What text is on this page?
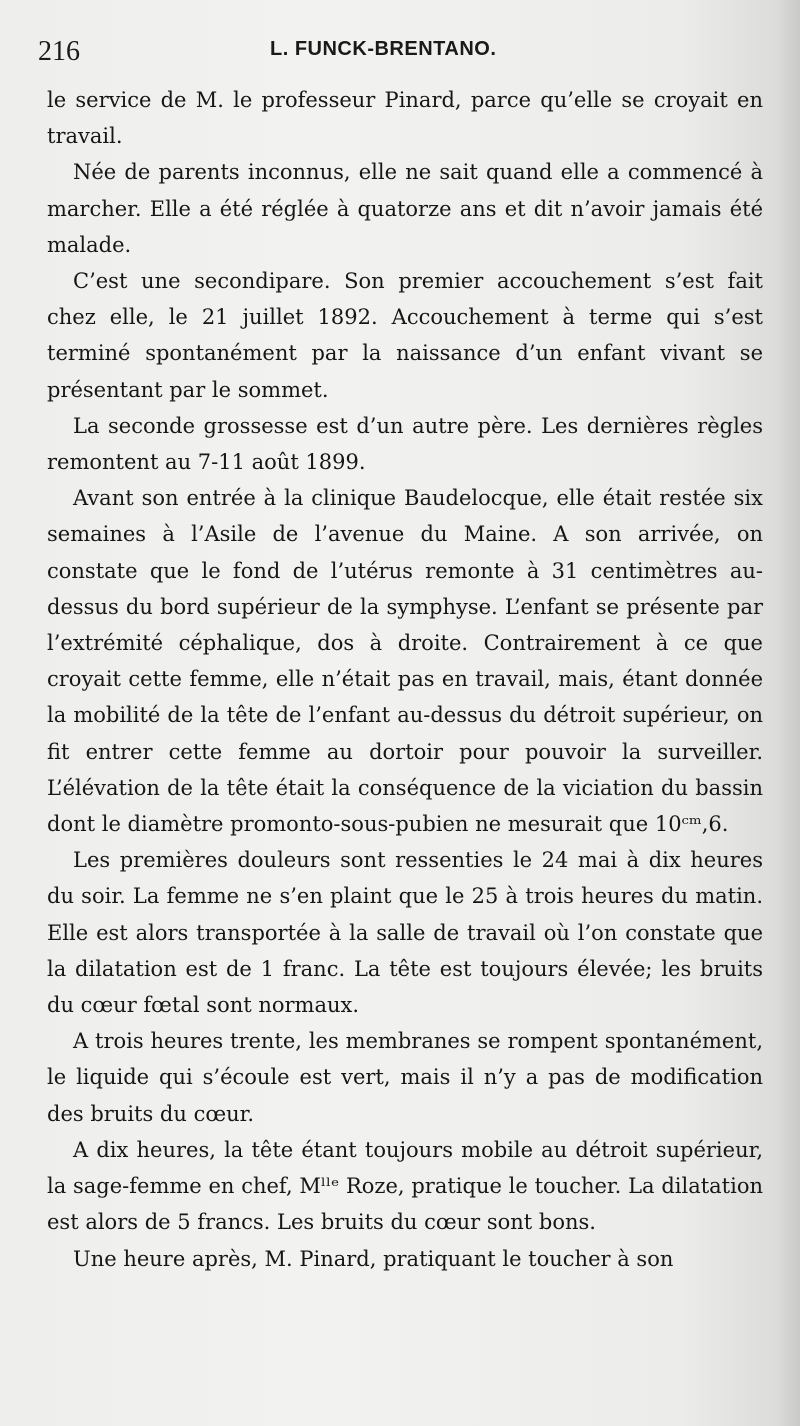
216	L. FUNCK-BRENTANO.

le service de M. le professeur Pinard, parce qu’elle se croyait en travail.

Née de parents inconnus, elle ne sait quand elle a commencé à marcher. Elle a été réglée à quatorze ans et dit n’avoir jamais été malade.

C’est une secondipare. Son premier accouchement s’est fait chez elle, le 21 juillet 1892. Accouchement à terme qui s’est terminé spontanément par la naissance d’un enfant vivant se présentant par le sommet.

La seconde grossesse est d’un autre père. Les dernières règles remontent au 7-11 août 1899.

Avant son entrée à la clinique Baudelocque, elle était restée six semaines à l’Asile de l’avenue du Maine. A son arrivée, on constate que le fond de l’utérus remonte à 31 centimètres au-dessus du bord supérieur de la symphyse. L’enfant se présente par l’extrémité céphalique, dos à droite. Contrairement à ce que croyait cette femme, elle n’était pas en travail, mais, étant donnée la mobilité de la tête de l’enfant au-dessus du détroit supérieur, on fit entrer cette femme au dortoir pour pouvoir la surveiller. L’élévation de la tête était la conséquence de la viciation du bassin dont le diamètre promonto-sous-pubien ne mesurait que 10ᶜᵐ,6.

Les premières douleurs sont ressenties le 24 mai à dix heures du soir. La femme ne s’en plaint que le 25 à trois heures du matin. Elle est alors transportée à la salle de travail où l’on constate que la dilatation est de 1 franc. La tête est toujours élevée; les bruits du cœur fœtal sont normaux.

A trois heures trente, les membranes se rompent spontanément, le liquide qui s’écoule est vert, mais il n’y a pas de modification des bruits du cœur.

A dix heures, la tête étant toujours mobile au détroit supérieur, la sage-femme en chef, Mˡˡᵉ Roze, pratique le toucher. La dilatation est alors de 5 francs. Les bruits du cœur sont bons.

Une heure après, M. Pinard, pratiquant le toucher à son
